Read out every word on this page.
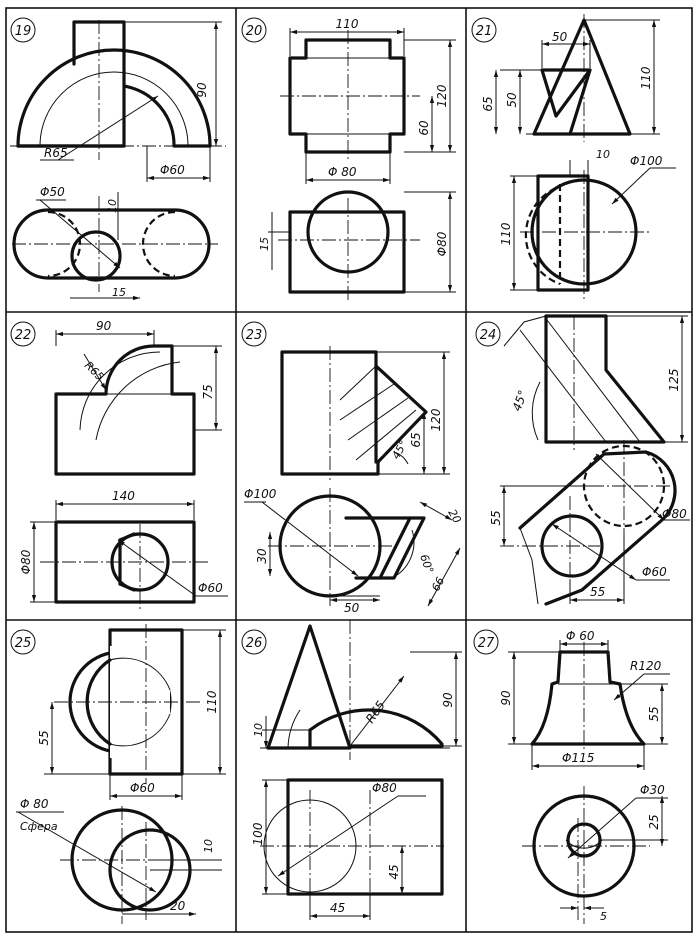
19
90
R65
Φ60
Φ50
10
15
20	110
120
60
Φ 80
15	Φ80
21	50
50
65
110
10 Φ100
110
22
90
R65
75
140
Φ80
Φ60
23
120
65
45°
Φ100
30
50
20
60°
66
24
45°
125
55	Φ80
Φ60
55
25
110
55
Φ60
Φ 80
Сфера
10
20
26
10
R65	90
Φ80
100
45
45
27	Φ 60
R120
90
55
Φ115
Φ30
25
5
